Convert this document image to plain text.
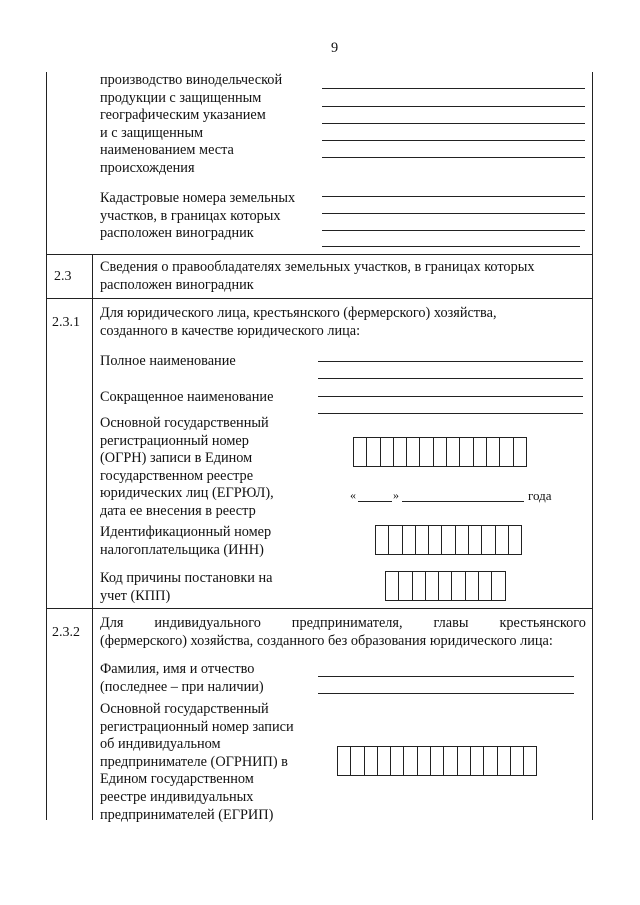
9
производство винодельческой
продукции с защищенным
географическим указанием
и с защищенным
наименованием места
происхождения
Кадастровые номера земельных
участков, в границах которых
расположен виноградник
2.3
Сведения о правообладателях земельных участков, в границах которых
расположен виноградник
2.3.1
Для юридического лица, крестьянского (фермерского) хозяйства,
созданного в качестве юридического лица:
Полное наименование
Сокращенное наименование
Основной государственный
регистрационный номер
(ОГРН) записи в Едином
государственном реестре
юридических лиц (ЕГРЮЛ),
дата ее внесения в реестр
«	»	года
Идентификационный номер
налогоплательщика (ИНН)
Код причины постановки на
учет (КПП)
2.3.2
Для индивидуального предпринимателя, главы крестьянского
(фермерского) хозяйства, созданного без образования юридического лица:
Фамилия, имя и отчество
(последнее – при наличии)
Основной государственный
регистрационный номер записи
об индивидуальном
предпринимателе (ОГРНИП) в
Едином государственном
реестре индивидуальных
предпринимателей (ЕГРИП)
